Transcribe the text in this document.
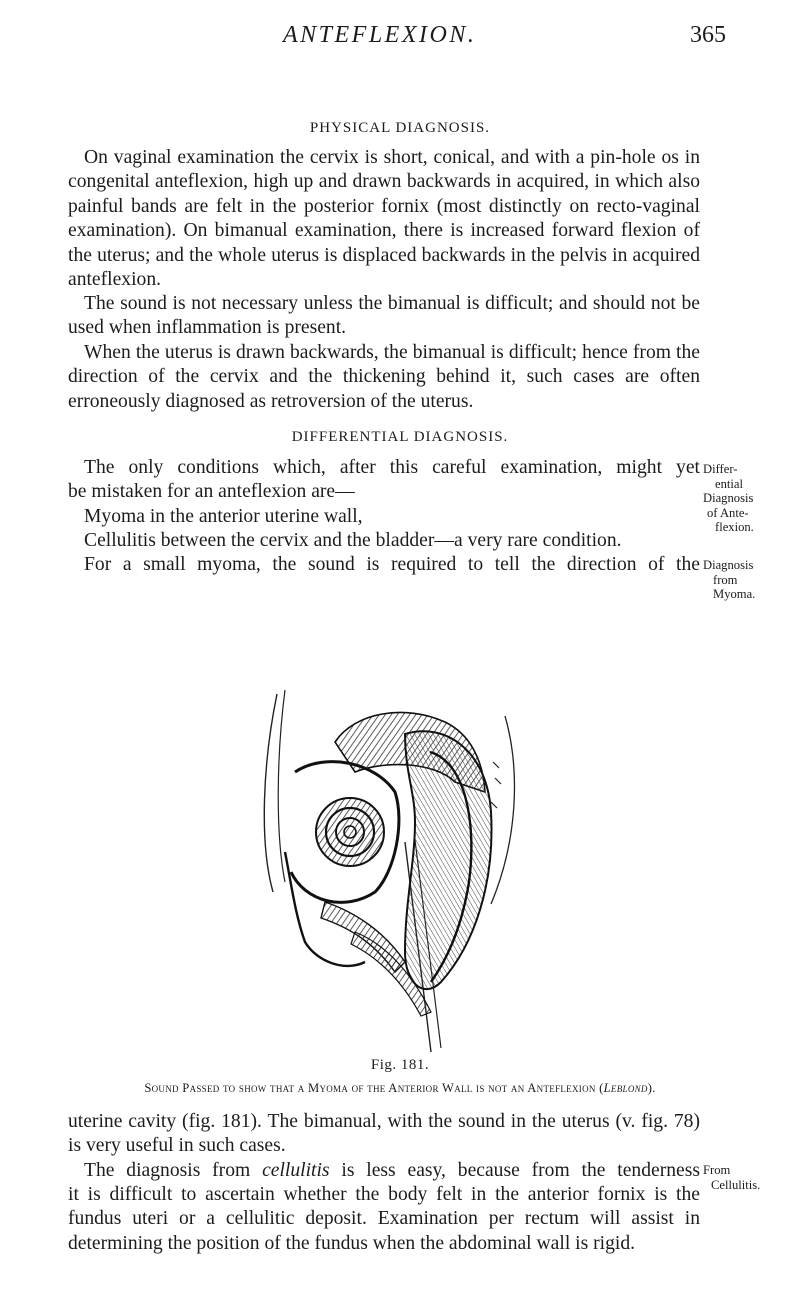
ANTEFLEXION.	365
PHYSICAL DIAGNOSIS.

On vaginal examination the cervix is short, conical, and with a pin-hole os in congenital anteflexion, high up and drawn backwards in acquired, in which also painful bands are felt in the posterior fornix (most distinctly on recto-vaginal examination). On bimanual examination, there is increased forward flexion of the uterus; and the whole uterus is displaced backwards in the pelvis in acquired anteflexion.

The sound is not necessary unless the bimanual is difficult; and should not be used when inflammation is present.

When the uterus is drawn backwards, the bimanual is difficult; hence from the direction of the cervix and the thickening behind it, such cases are often erroneously diagnosed as retroversion of the uterus.

DIFFERENTIAL DIAGNOSIS.
The only conditions which, after this careful examination, might yet
be mistaken for an anteflexion are—
Myoma in the anterior uterine wall,
Cellulitis between the cervix and the bladder—a very rare condition.
For a small myoma, the sound is required to tell the direction of the
Differ-
ential
Diagnosis
of Ante-
flexion.
Diagnosis
from
Myoma.
Fig. 181.
Sound Passed to show that a Myoma of the Anterior Wall is not an Anteflexion (Leblond).

uterine cavity (fig. 181). The bimanual, with the sound in the uterus (v. fig. 78) is very useful in such cases.

The diagnosis from cellulitis is less easy, because from the tenderness

it is difficult to ascertain whether the body felt in the anterior fornix is the fundus uteri or a cellulitic deposit. Examination per rectum will assist in determining the position of the fundus when the abdominal wall is rigid.

From
Cellulitis.
